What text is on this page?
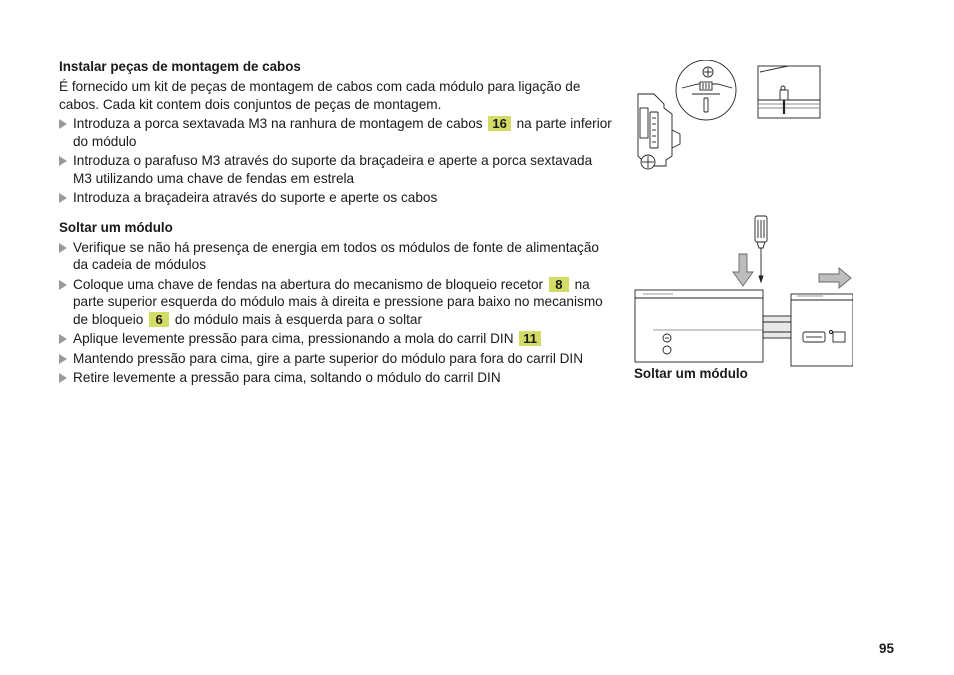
Instalar peças de montagem de cabos

É fornecido um kit de peças de montagem de cabos com cada módulo para ligação de cabos. Cada kit contem dois conjuntos de peças de montagem.

Introduza a porca sextavada M3 na ranhura de montagem de cabos 16 na parte inferior do módulo
Introduza o parafuso M3 através do suporte da braçadeira e aperte a porca sextavada M3 utilizando uma chave de fendas em estrela
Introduza a braçadeira através do suporte e aperte os cabos
Soltar um módulo
Verifique se não há presença de energia em todos os módulos de fonte de alimentação da cadeia de módulos
Coloque uma chave de fendas na abertura do mecanismo de bloqueio recetor 8 na parte superior esquerda do módulo mais à direita e pressione para baixo no mecanismo de bloqueio 6 do módulo mais à esquerda para o soltar
Aplique levemente pressão para cima, pressionando a mola do carril DIN 11
Mantendo pressão para cima, gire a parte superior do módulo para fora do carril DIN
Retire levemente a pressão para cima, soltando o módulo do carril DIN	Soltar um módulo
95
